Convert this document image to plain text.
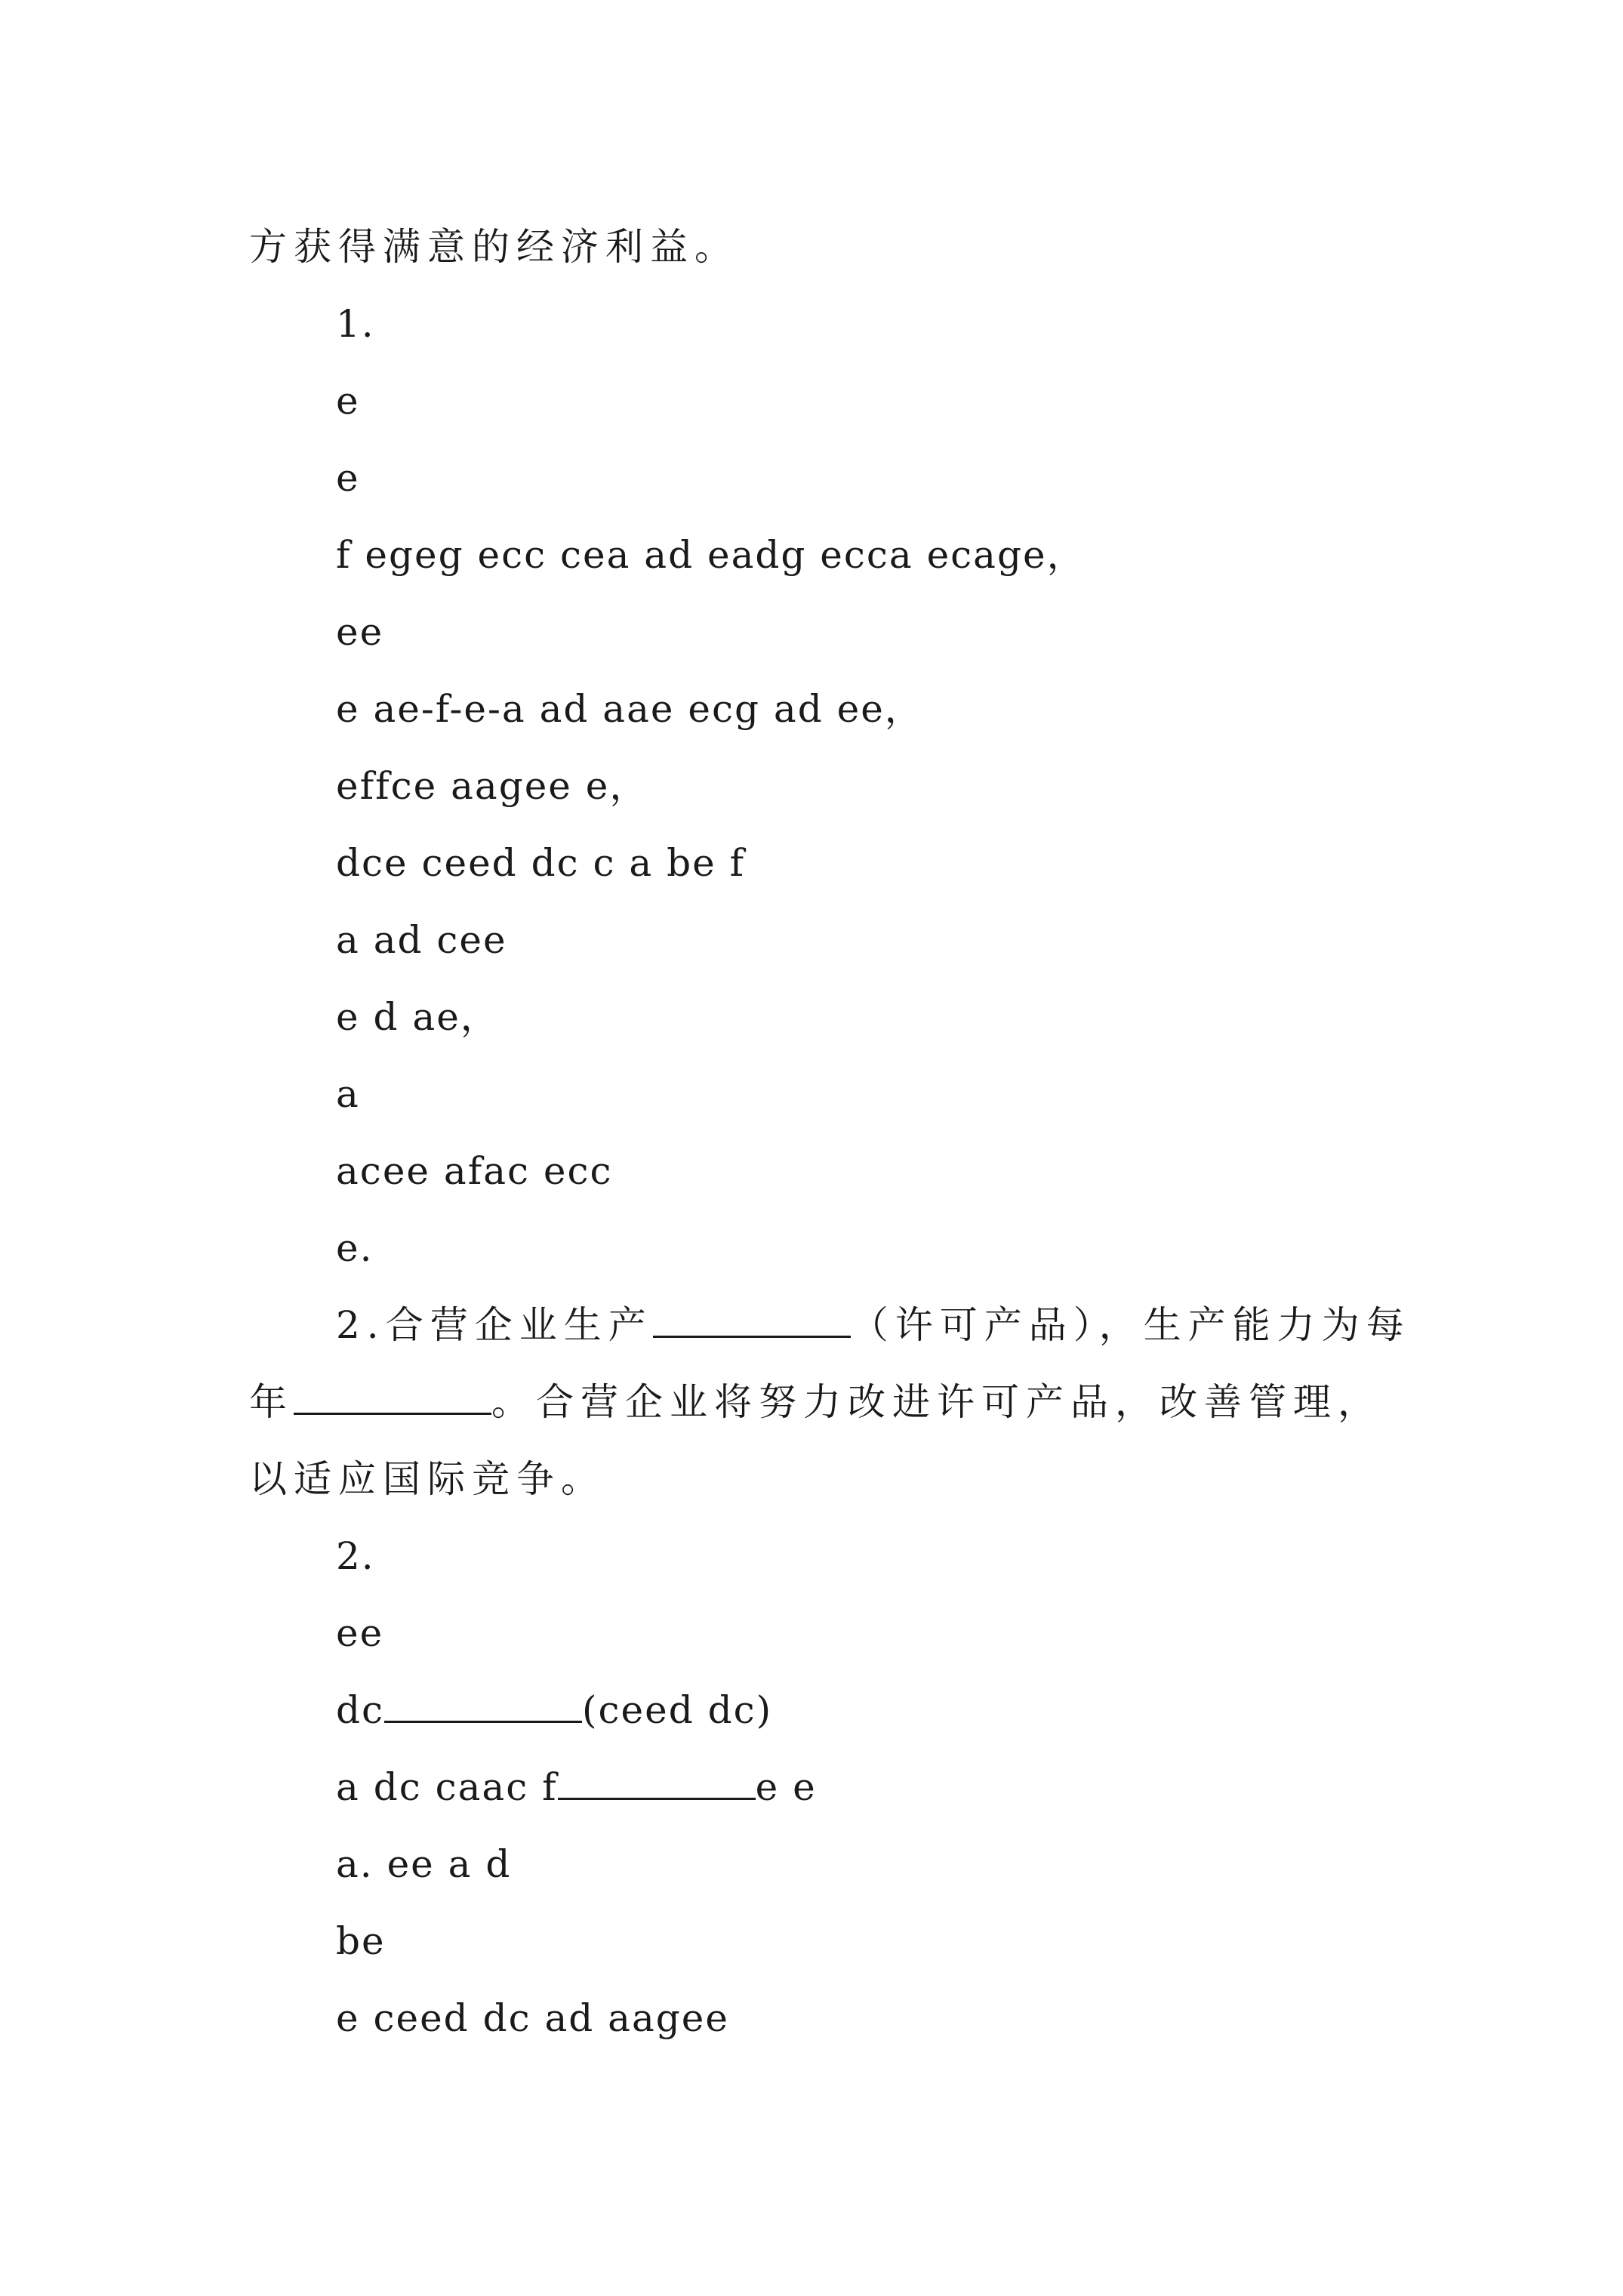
方获得满意的经济利益。
1.
e
e
f egeg ecc cea ad eadg ecca ecage，
ee
e ae-f-e-a ad aae ecg ad ee，
effce aagee e，
dce ceed dc c a be f
a ad cee
e d ae，
a
acee afac ecc
e.
2.合营企业生产	（许可产品），生产能力为每
年	。合营企业将努力改进许可产品，改善管理，
以适应国际竞争。
2.
ee
dc	(ceed dc)
a dc caac f	e e
a. ee a d
be
e ceed dc ad aagee
